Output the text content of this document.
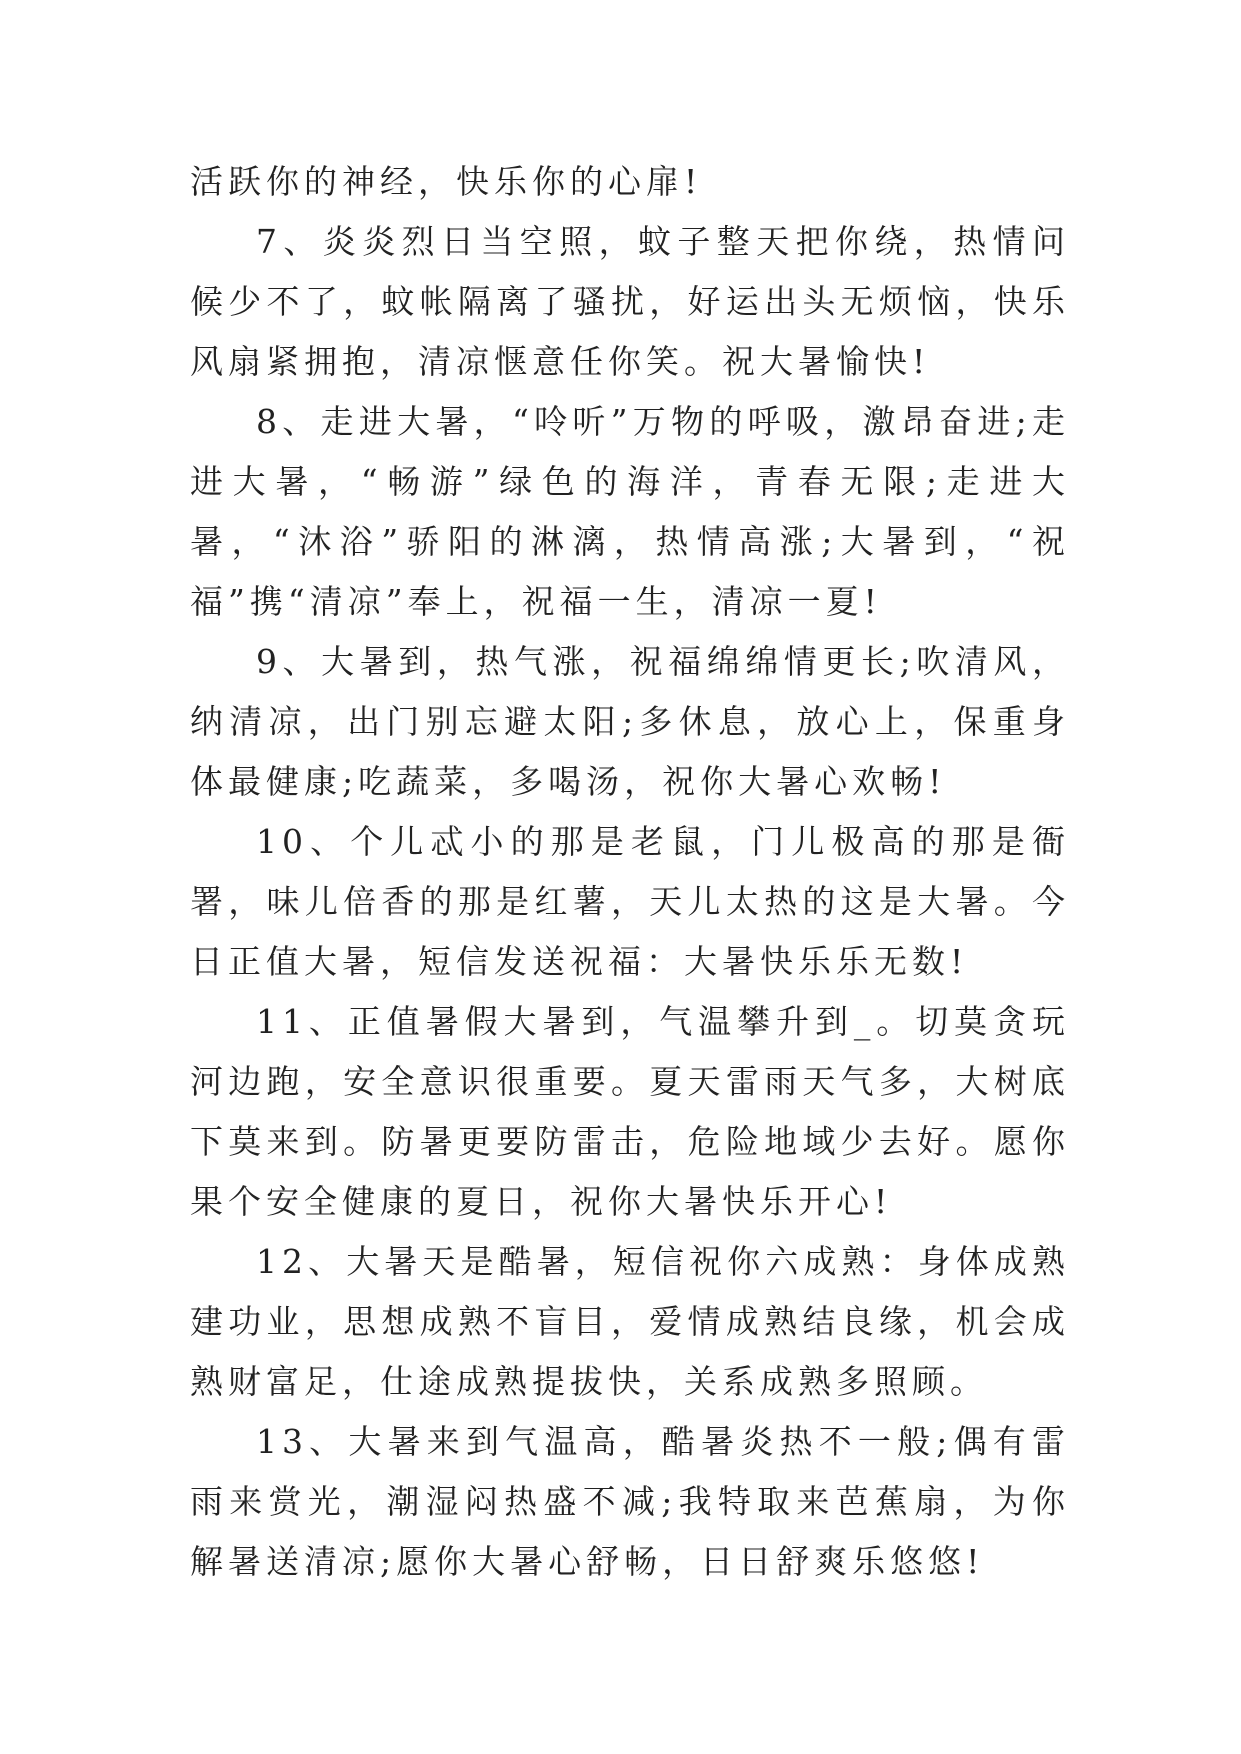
活跃你的神经，快乐你的心扉!

7、炎炎烈日当空照，蚊子整天把你绕，热情问候少不了，蚊帐隔离了骚扰，好运出头无烦恼，快乐风扇紧拥抱，清凉惬意任你笑。祝大暑愉快!

8、走进大暑，“呤听”万物的呼吸，激昂奋进;走进大暑，“畅游”绿色的海洋，青春无限;走进大暑，“沐浴”骄阳的淋漓，热情高涨;大暑到，“祝福”携“清凉”奉上，祝福一生，清凉一夏!

9、大暑到，热气涨，祝福绵绵情更长;吹清风，纳清凉，出门别忘避太阳;多休息，放心上，保重身体最健康;吃蔬菜，多喝汤，祝你大暑心欢畅!

10、个儿忒小的那是老鼠，门儿极高的那是衙署，味儿倍香的那是红薯，天儿太热的这是大暑。今日正值大暑，短信发送祝福：大暑快乐乐无数!

11、正值暑假大暑到，气温攀升到_。切莫贪玩河边跑，安全意识很重要。夏天雷雨天气多，大树底下莫来到。防暑更要防雷击，危险地域少去好。愿你果个安全健康的夏日，祝你大暑快乐开心!

12、大暑天是酷暑，短信祝你六成熟：身体成熟建功业，思想成熟不盲目，爱情成熟结良缘，机会成熟财富足，仕途成熟提拔快，关系成熟多照顾。

13、大暑来到气温高，酷暑炎热不一般;偶有雷雨来赏光，潮湿闷热盛不减;我特取来芭蕉扇，为你解暑送清凉;愿你大暑心舒畅，日日舒爽乐悠悠!
